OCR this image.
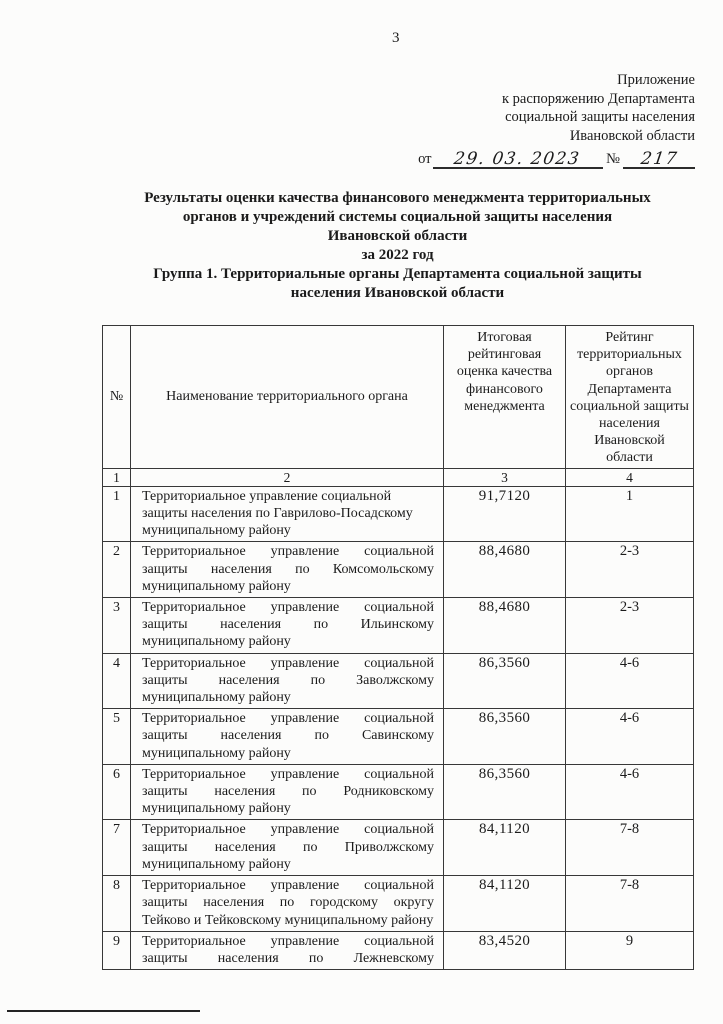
3
Приложение
к распоряжению Департамента
социальной защиты населения
Ивановской области
от 29. 03. 2023 № 217
Результаты оценки качества финансового менеджмента территориальных
органов и учреждений системы социальной защиты населения
Ивановской области
за 2022 год
Группа 1. Территориальные органы Департамента социальной защиты
населения Ивановской области
№	Наименование территориального органа	Итоговая рейтинговая оценка качества финансового менеджмента	Рейтинг территориальных органов Департамента социальной защиты населения Ивановской области
1	2	3	4
1	Территориальное управление социальной защиты населения по Гаврилово-Посадскому муниципальному району	91,7120	1
2	Территориальное управление социальной защиты населения по Комсомольскому муниципальному району	88,4680	2-3
3	Территориальное управление социальной защиты населения по Ильинскому муниципальному району	88,4680	2-3
4	Территориальное управление социальной защиты населения по Заволжскому муниципальному району	86,3560	4-6
5	Территориальное управление социальной защиты населения по Савинскому муниципальному району	86,3560	4-6
6	Территориальное управление социальной защиты населения по Родниковскому муниципальному району	86,3560	4-6
7	Территориальное управление социальной защиты населения по Приволжскому муниципальному району	84,1120	7-8
8	Территориальное управление социальной защиты населения по городскому округу Тейково и Тейковскому муниципальному району	84,1120	7-8
9	Территориальное управление социальной защиты населения по Лежневскому	83,4520	9
